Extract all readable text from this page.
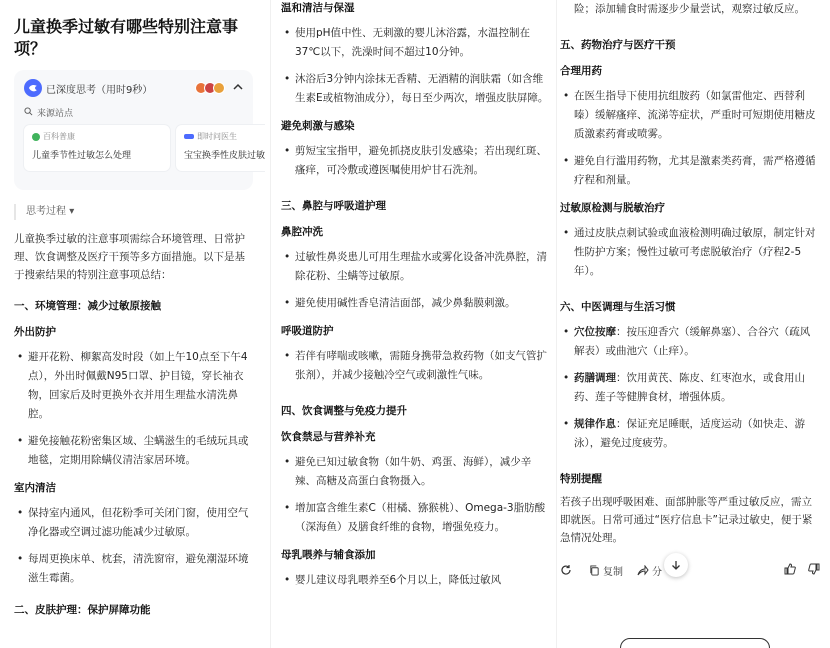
儿童换季过敏有哪些特别注意事项？
已深度思考（用时9秒）
来源站点
百科普康
儿童季节性过敏怎么处理
即时问医生
宝宝换季性皮肤过敏
思考过程 ▾

儿童换季过敏的注意事项需综合环境管理、日常护理、饮食调整及医疗干预等多方面措施。以下是基于搜索结果的特别注意事项总结：

一、环境管理：减少过敏原接触
外出防护
• 避开花粉、柳絮高发时段（如上午10点至下午4点），外出时佩戴N95口罩、护目镜，穿长袖衣物，回家后及时更换外衣并用生理盐水清洗鼻腔。
• 避免接触花粉密集区域、尘螨滋生的毛绒玩具或地毯，定期用除螨仪清洁家居环境。
室内清洁
• 保持室内通风，但花粉季可关闭门窗，使用空气净化器或空调过滤功能减少过敏原。
• 每周更换床单、枕套，清洗窗帘，避免潮湿环境滋生霉菌。
二、皮肤护理：保护屏障功能
温和清洁与保湿
• 使用pH值中性、无刺激的婴儿沐浴露，水温控制在37℃以下，洗澡时间不超过10分钟。
• 沐浴后3分钟内涂抹无香精、无酒精的润肤霜（如含维生素E或植物油成分），每日至少两次，增强皮肤屏障。
避免刺激与感染
• 剪短宝宝指甲，避免抓挠皮肤引发感染；若出现红斑、瘙痒，可冷敷或遵医嘱使用炉甘石洗剂。
三、鼻腔与呼吸道护理
鼻腔冲洗
• 过敏性鼻炎患儿可用生理盐水或雾化设备冲洗鼻腔，清除花粉、尘螨等过敏原。
• 避免使用碱性香皂清洁面部，减少鼻黏膜刺激。
呼吸道防护
• 若伴有哮喘或咳嗽，需随身携带急救药物（如支气管扩张剂），并减少接触冷空气或刺激性气味。
四、饮食调整与免疫力提升
饮食禁忌与营养补充
• 避免已知过敏食物（如牛奶、鸡蛋、海鲜），减少辛辣、高糖及高蛋白食物摄入。
• 增加富含维生素C（柑橘、猕猴桃）、Omega-3脂肪酸（深海鱼）及膳食纤维的食物，增强免疫力。
母乳喂养与辅食添加
• 婴儿建议母乳喂养至6个月以上，降低过敏风

险；添加辅食时需逐步少量尝试，观察过敏反应。

五、药物治疗与医疗干预
合理用药
• 在医生指导下使用抗组胺药（如氯雷他定、西替利嗪）缓解瘙痒、流涕等症状，严重时可短期使用糖皮质激素药膏或喷雾。
• 避免自行滥用药物，尤其是激素类药膏，需严格遵循疗程和剂量。
过敏原检测与脱敏治疗
• 通过皮肤点刺试验或血液检测明确过敏原，制定针对性防护方案；慢性过敏可考虑脱敏治疗（疗程2-5年）。
六、中医调理与生活习惯
• 穴位按摩：按压迎香穴（缓解鼻塞）、合谷穴（疏风解表）或曲池穴（止痒）。
• 药膳调理：饮用黄芪、陈皮、红枣泡水，或食用山药、莲子等健脾食材，增强体质。
• 规律作息：保证充足睡眠，适度运动（如快走、游泳），避免过度疲劳。
特别提醒

若孩子出现呼吸困难、面部肿胀等严重过敏反应，需立即就医。日常可通过“医疗信息卡”记录过敏史，便于紧急情况处理。

复制	分
